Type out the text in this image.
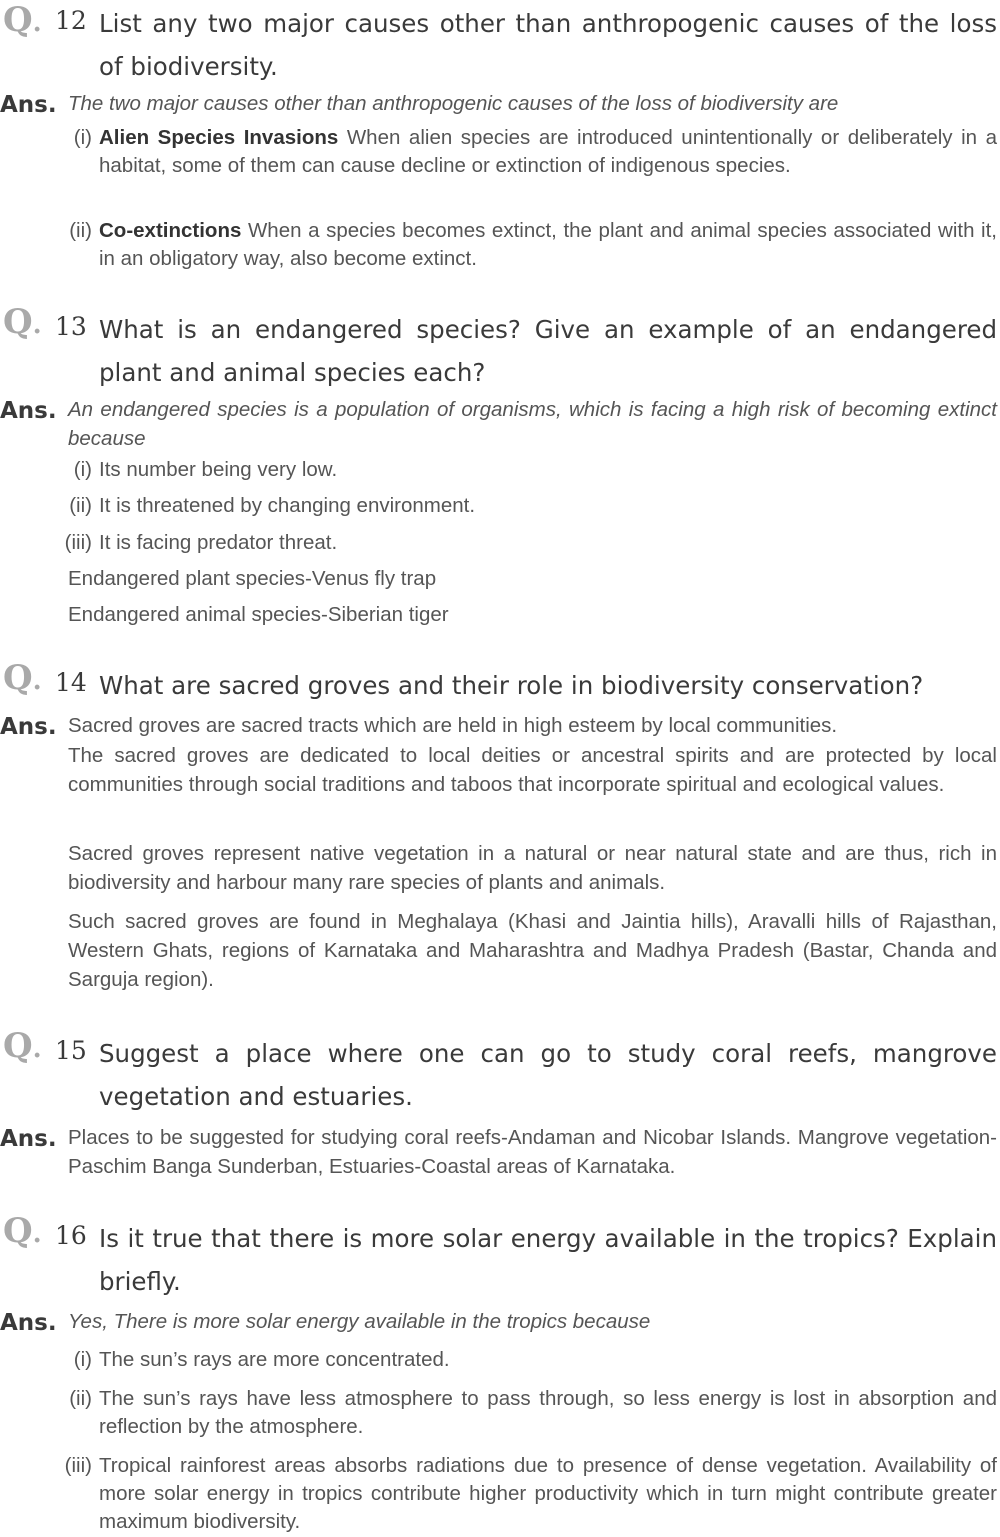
Q. 12 List any two major causes other than anthropogenic causes of the loss of biodiversity.
Ans. The two major causes other than anthropogenic causes of the loss of biodiversity are
(i) Alien Species Invasions When alien species are introduced unintentionally or deliberately in a habitat, some of them can cause decline or extinction of indigenous species.
(ii) Co-extinctions When a species becomes extinct, the plant and animal species associated with it, in an obligatory way, also become extinct.
Q. 13 What is an endangered species? Give an example of an endangered plant and animal species each?
Ans. An endangered species is a population of organisms, which is facing a high risk of becoming extinct because
(i) Its number being very low.
(ii) It is threatened by changing environment.
(iii) It is facing predator threat.
Endangered plant species-Venus fly trap
Endangered animal species-Siberian tiger
Q. 14 What are sacred groves and their role in biodiversity conservation?
Ans. Sacred groves are sacred tracts which are held in high esteem by local communities.
The sacred groves are dedicated to local deities or ancestral spirits and are protected by local communities through social traditions and taboos that incorporate spiritual and ecological values.
Sacred groves represent native vegetation in a natural or near natural state and are thus, rich in biodiversity and harbour many rare species of plants and animals.
Such sacred groves are found in Meghalaya (Khasi and Jaintia hills), Aravalli hills of Rajasthan, Western Ghats, regions of Karnataka and Maharashtra and Madhya Pradesh (Bastar, Chanda and Sarguja region).
Q. 15 Suggest a place where one can go to study coral reefs, mangrove vegetation and estuaries.
Ans. Places to be suggested for studying coral reefs-Andaman and Nicobar Islands. Mangrove vegetation-Paschim Banga Sunderban, Estuaries-Coastal areas of Karnataka.
Q. 16 Is it true that there is more solar energy available in the tropics? Explain briefly.
Ans. Yes, There is more solar energy available in the tropics because
(i) The sun’s rays are more concentrated.
(ii) The sun’s rays have less atmosphere to pass through, so less energy is lost in absorption and reflection by the atmosphere.
(iii) Tropical rainforest areas absorbs radiations due to presence of dense vegetation. Availability of more solar energy in tropics contribute higher productivity which in turn might contribute greater maximum biodiversity.
